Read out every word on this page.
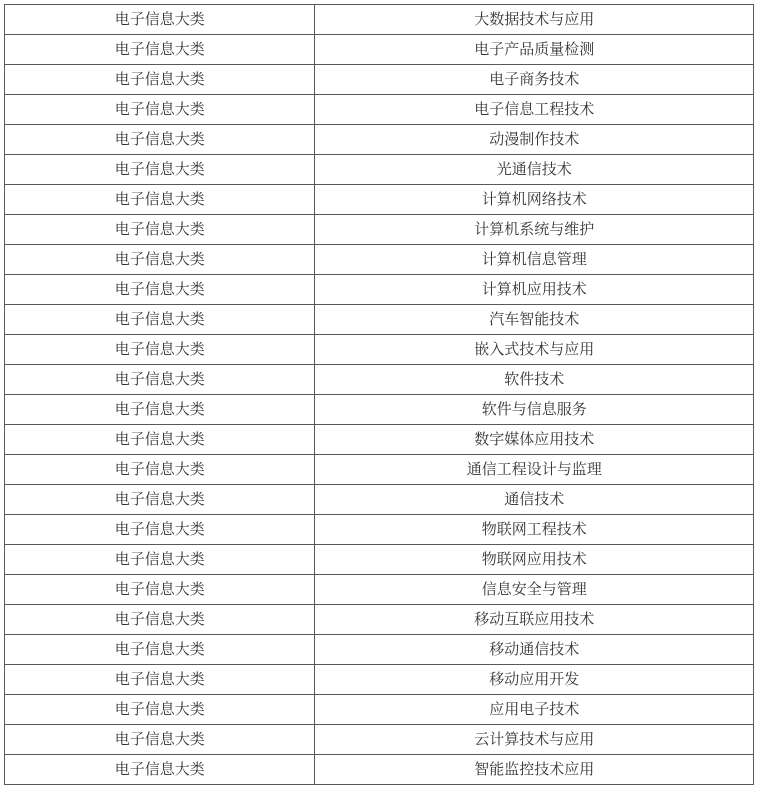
电子信息大类	大数据技术与应用
电子信息大类	电子产品质量检测
电子信息大类	电子商务技术
电子信息大类	电子信息工程技术
电子信息大类	动漫制作技术
电子信息大类	光通信技术
电子信息大类	计算机网络技术
电子信息大类	计算机系统与维护
电子信息大类	计算机信息管理
电子信息大类	计算机应用技术
电子信息大类	汽车智能技术
电子信息大类	嵌入式技术与应用
电子信息大类	软件技术
电子信息大类	软件与信息服务
电子信息大类	数字媒体应用技术
电子信息大类	通信工程设计与监理
电子信息大类	通信技术
电子信息大类	物联网工程技术
电子信息大类	物联网应用技术
电子信息大类	信息安全与管理
电子信息大类	移动互联应用技术
电子信息大类	移动通信技术
电子信息大类	移动应用开发
电子信息大类	应用电子技术
电子信息大类	云计算技术与应用
电子信息大类	智能监控技术应用
